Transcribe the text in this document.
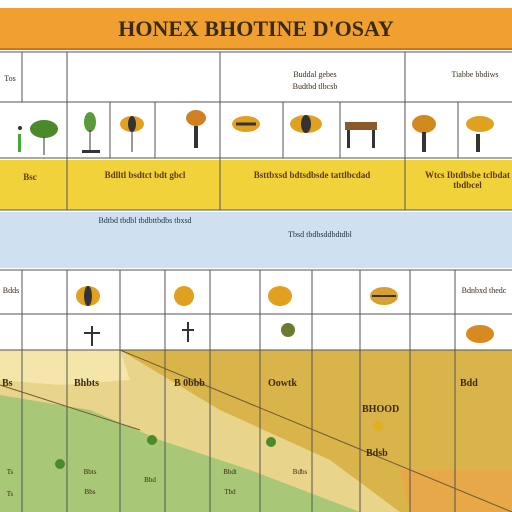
HONEX BHOTINE D'OSAY
Tos	Buddal gebes
Budtbd tlbcsb
Tiabbe bbdiws
Bsc	Bdlltl bsdtct bdt gbcl	Bsttbxsd bdtsdbsde tattlbcdad	Wtcs Ibtdbsbe tclbdat tbdbcel
Bdtbd tbdbl tbdbttbdbs tbxsd
Tbsd tbdbsddbdtdbl
Bdds	Bdnbxd thedc
Bs	Bhbts	B 0bbb	Oowtk	Bdd
BHOOD
Bdsb
Ts
Ts
Bbts
Bbs
Bbd
Bbdt
Tbd
Bdbs
